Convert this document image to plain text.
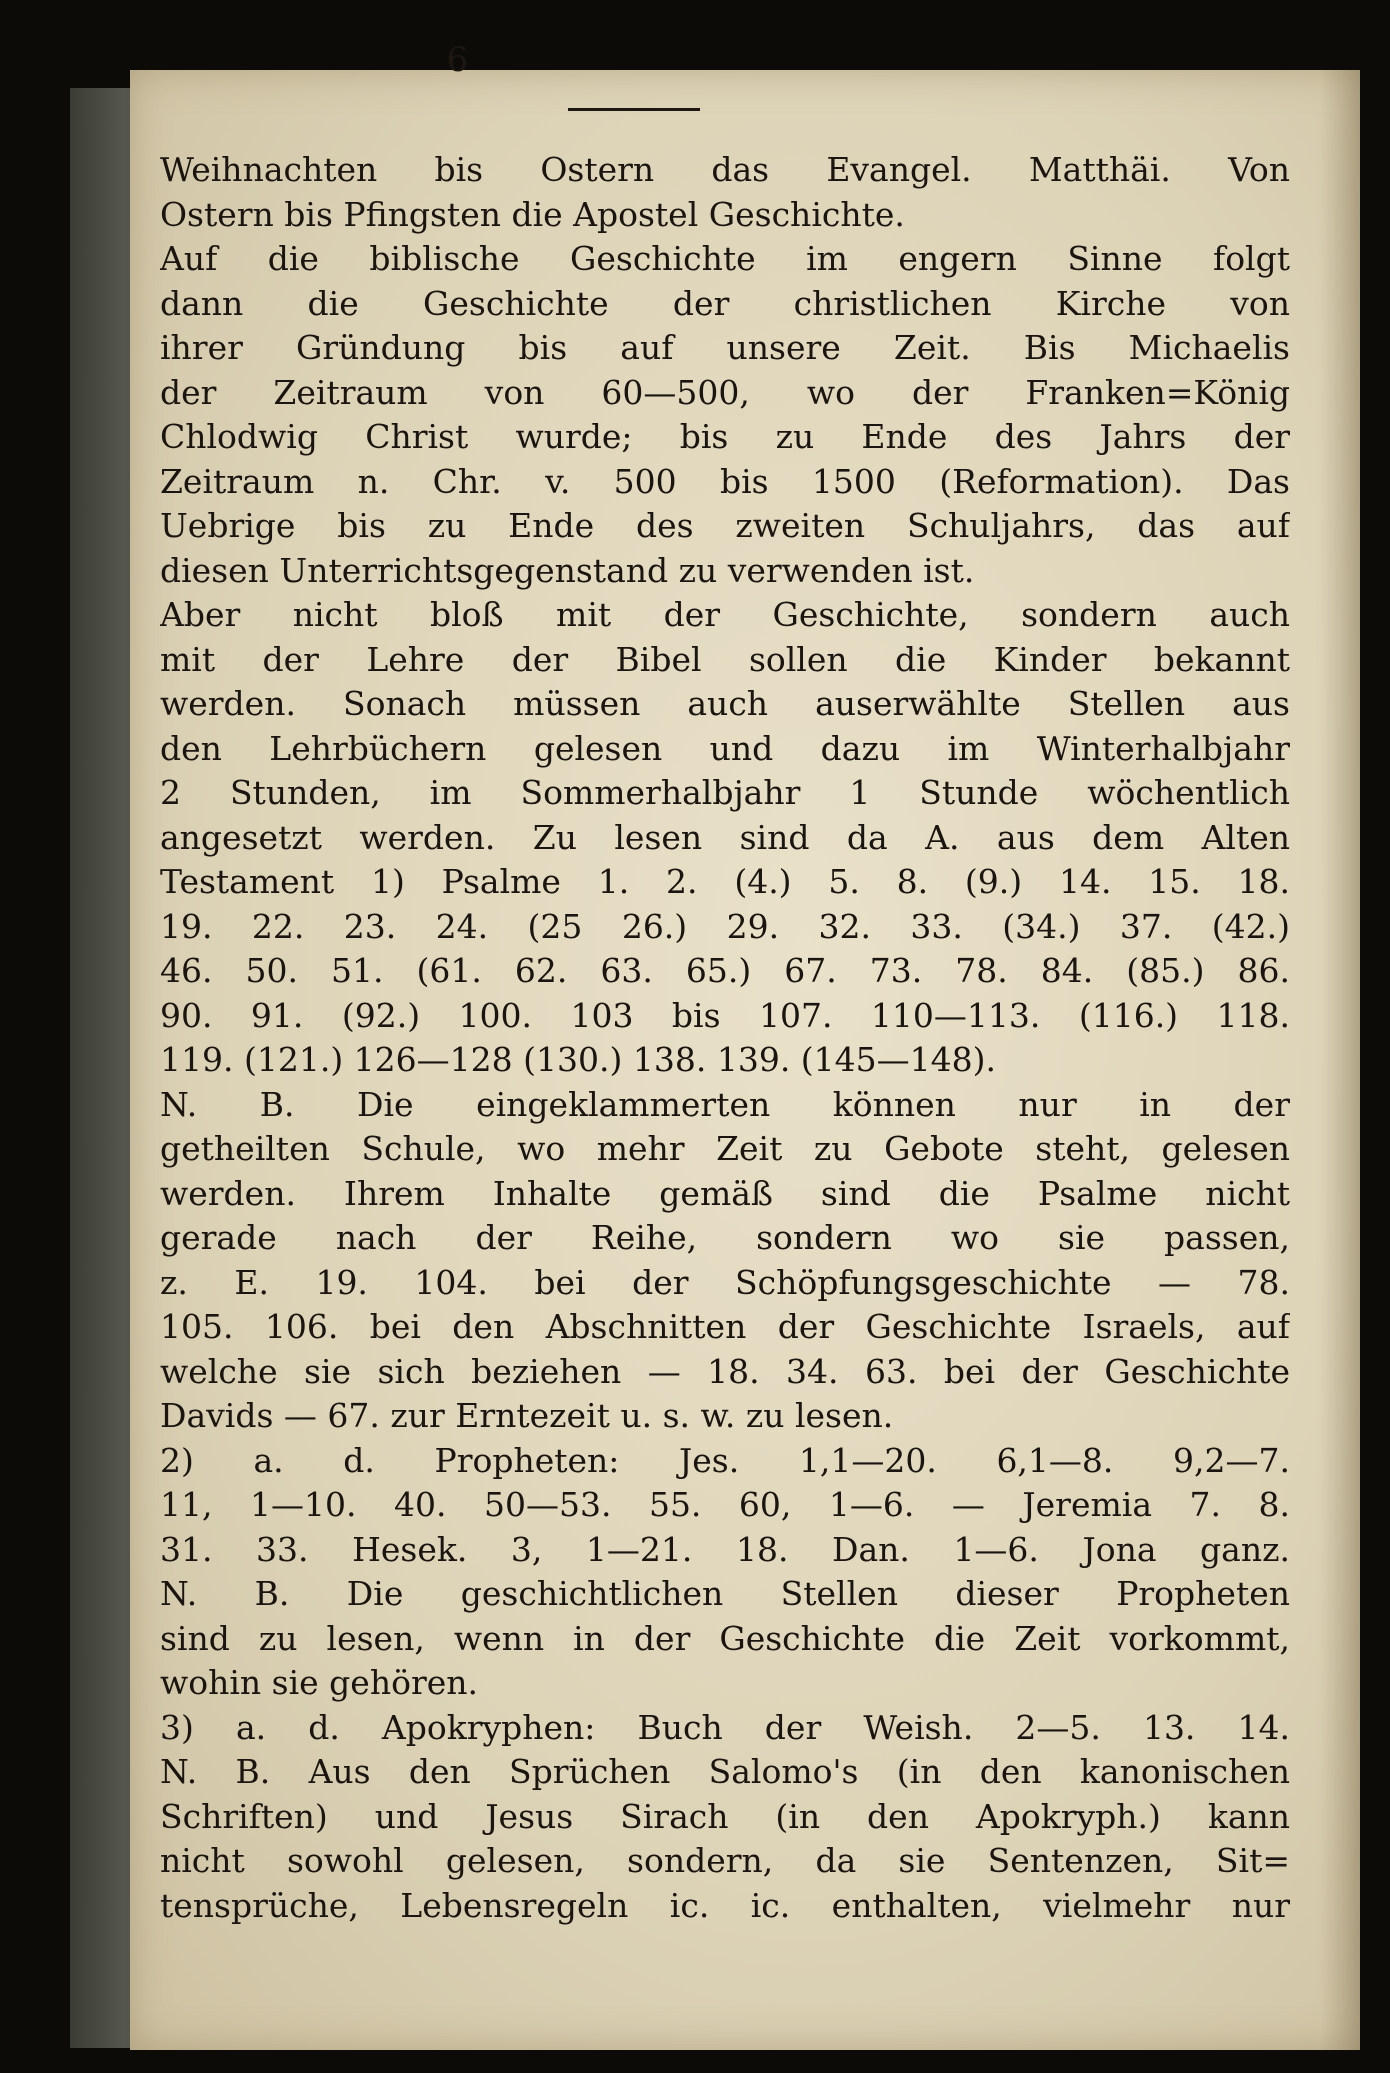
6
Weihnachten bis Ostern das Evangel. Matthäi. Von
Ostern bis Pfingsten die Apostel Geschichte.
Auf die biblische Geschichte im engern Sinne folgt
dann die Geschichte der christlichen Kirche von
ihrer Gründung bis auf unsere Zeit. Bis Michaelis
der Zeitraum von 60—500, wo der Franken=König
Chlodwig Christ wurde; bis zu Ende des Jahrs der
Zeitraum n. Chr. v. 500 bis 1500 (Reformation). Das
Uebrige bis zu Ende des zweiten Schuljahrs, das auf
diesen Unterrichtsgegenstand zu verwenden ist.
Aber nicht bloß mit der Geschichte, sondern auch
mit der Lehre der Bibel sollen die Kinder bekannt
werden. Sonach müssen auch auserwählte Stellen aus
den Lehrbüchern gelesen und dazu im Winterhalbjahr
2 Stunden, im Sommerhalbjahr 1 Stunde wöchentlich
angesetzt werden. Zu lesen sind da A. aus dem Alten
Testament 1) Psalme 1. 2. (4.) 5. 8. (9.) 14. 15. 18.
19. 22. 23. 24. (25 26.) 29. 32. 33. (34.) 37. (42.)
46. 50. 51. (61. 62. 63. 65.) 67. 73. 78. 84. (85.) 86.
90. 91. (92.) 100. 103 bis 107. 110—113. (116.) 118.
119. (121.) 126—128 (130.) 138. 139. (145—148).
N. B. Die eingeklammerten können nur in der
getheilten Schule, wo mehr Zeit zu Gebote steht, gelesen
werden. Ihrem Inhalte gemäß sind die Psalme nicht
gerade nach der Reihe, sondern wo sie passen,
z. E. 19. 104. bei der Schöpfungsgeschichte — 78.
105. 106. bei den Abschnitten der Geschichte Israels, auf
welche sie sich beziehen — 18. 34. 63. bei der Geschichte
Davids — 67. zur Erntezeit u. s. w. zu lesen.
2) a. d. Propheten: Jes. 1,1—20. 6,1—8. 9,2—7.
11, 1—10. 40. 50—53. 55. 60, 1—6. — Jeremia 7. 8.
31. 33. Hesek. 3, 1—21. 18. Dan. 1—6. Jona ganz.
N. B. Die geschichtlichen Stellen dieser Propheten
sind zu lesen, wenn in der Geschichte die Zeit vorkommt,
wohin sie gehören.
3) a. d. Apokryphen: Buch der Weish. 2—5. 13. 14.
N. B. Aus den Sprüchen Salomo's (in den kanonischen
Schriften) und Jesus Sirach (in den Apokryph.) kann
nicht sowohl gelesen, sondern, da sie Sentenzen, Sit=
tensprüche, Lebensregeln ic. ic. enthalten, vielmehr nur
